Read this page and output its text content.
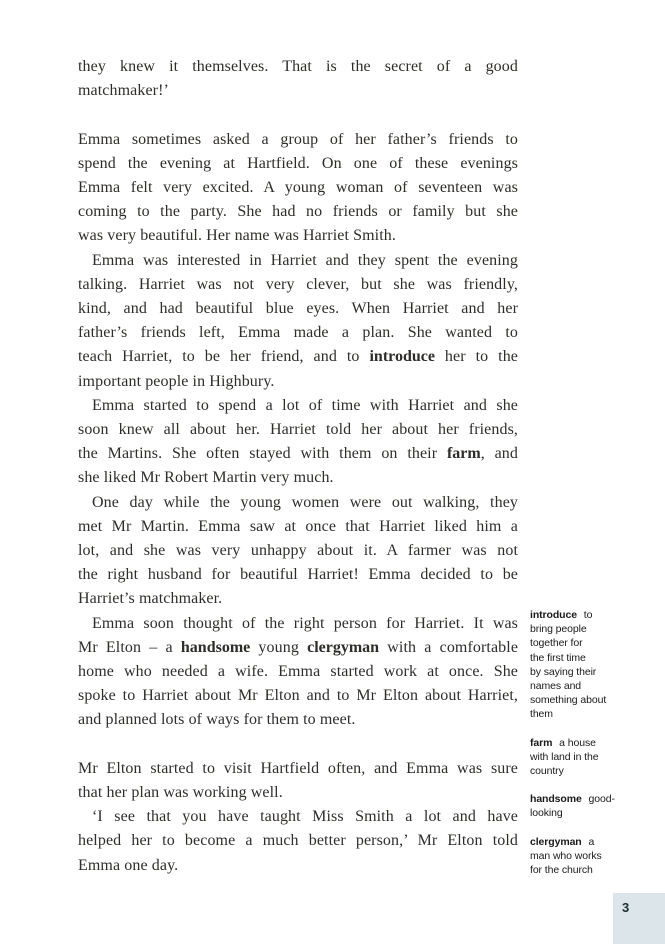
they knew it themselves. That is the secret of a good
matchmaker!’
Emma sometimes asked a group of her father’s friends to
spend the evening at Hartfield. On one of these evenings
Emma felt very excited. A young woman of seventeen was
coming to the party. She had no friends or family but she
was very beautiful. Her name was Harriet Smith.
Emma was interested in Harriet and they spent the evening
talking. Harriet was not very clever, but she was friendly,
kind, and had beautiful blue eyes. When Harriet and her
father’s friends left, Emma made a plan. She wanted to
teach Harriet, to be her friend, and to introduce her to the
important people in Highbury.
Emma started to spend a lot of time with Harriet and she
soon knew all about her. Harriet told her about her friends,
the Martins. She often stayed with them on their farm, and
she liked Mr Robert Martin very much.
One day while the young women were out walking, they
met Mr Martin. Emma saw at once that Harriet liked him a
lot, and she was very unhappy about it. A farmer was not
the right husband for beautiful Harriet! Emma decided to be
Harriet’s matchmaker.
Emma soon thought of the right person for Harriet. It was
Mr Elton – a handsome young clergyman with a comfortable
home who needed a wife. Emma started work at once. She
spoke to Harriet about Mr Elton and to Mr Elton about Harriet,
and planned lots of ways for them to meet.
Mr Elton started to visit Hartfield often, and Emma was sure
that her plan was working well.
‘I see that you have taught Miss Smith a lot and have
helped her to become a much better person,’ Mr Elton told
Emma one day.
introduce to
bring people
together for
the first time
by saying their
names and
something about
them
farm a house
with land in the
country
handsome good-
looking
clergyman a
man who works
for the church
3
